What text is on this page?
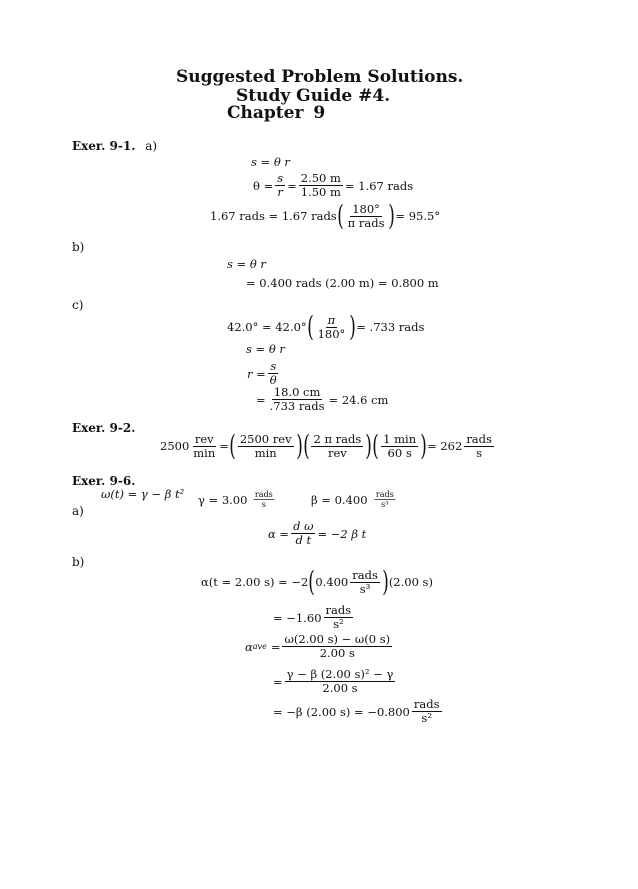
Suggested Problem Solutions.
Study Guide #4.
Chapter 9
Exer. 9-1. a)
s = θ r
$\theta = \frac{s}{r} = \frac{2.50 m}{1.50 m} = 1.67$ rads
1.67 rads = 1.67 rads ( $\frac{180^\circ}{\text{π rads}}$ ) = 95.5°
b)
s = θ r
= 0.400 rads (2.00 m) = 0.800 m
c)
42.0° = 42.0° ( $\frac{\pi}{180^\circ}$ ) = .733 rads
s = θ r
$r = \frac{s}{\theta}$
= $\frac{18.0 cm}{\text{.733 rads}} = 24.6$ cm
Exer. 9-2.
$2500 \frac{\text{rev}}{\min}$ = ( $\frac{\text{2500 rev}}{\min}$ ) ( $\frac{\text{2 π rads}}{\text{rev}}$ ) ( $\frac{1 \min}{60 s}$ ) = $262 \frac{\text{rads}}{s}$
Exer. 9-6.
ω(t) = γ − β t² $\gamma = 3.00 \frac{\text{rads}}{s}$	$\beta = 0.400 \frac{\text{rads}}{\text{s³}}$
a)
$\alpha = \frac{\text{d ω}}{\text{d t}} = -2$ β t
b)
α(t = 2.00 s) = −2 ( $0.400 \frac{\text{rads}}{\text{s³}}$ ) (2.00 s)
= $-1.60 \frac{\text{rads}}{\text{s²}}$
α ave = $\frac{\omega(2.00 s) - \omega(0 s)}{2.00 s}$
= $\frac{\text{γ − β (2.00 s)² − γ}}{2.00 s}$
= −β (2.00 $s) = -0.800 \frac{\text{rads}}{\text{s²}}$
